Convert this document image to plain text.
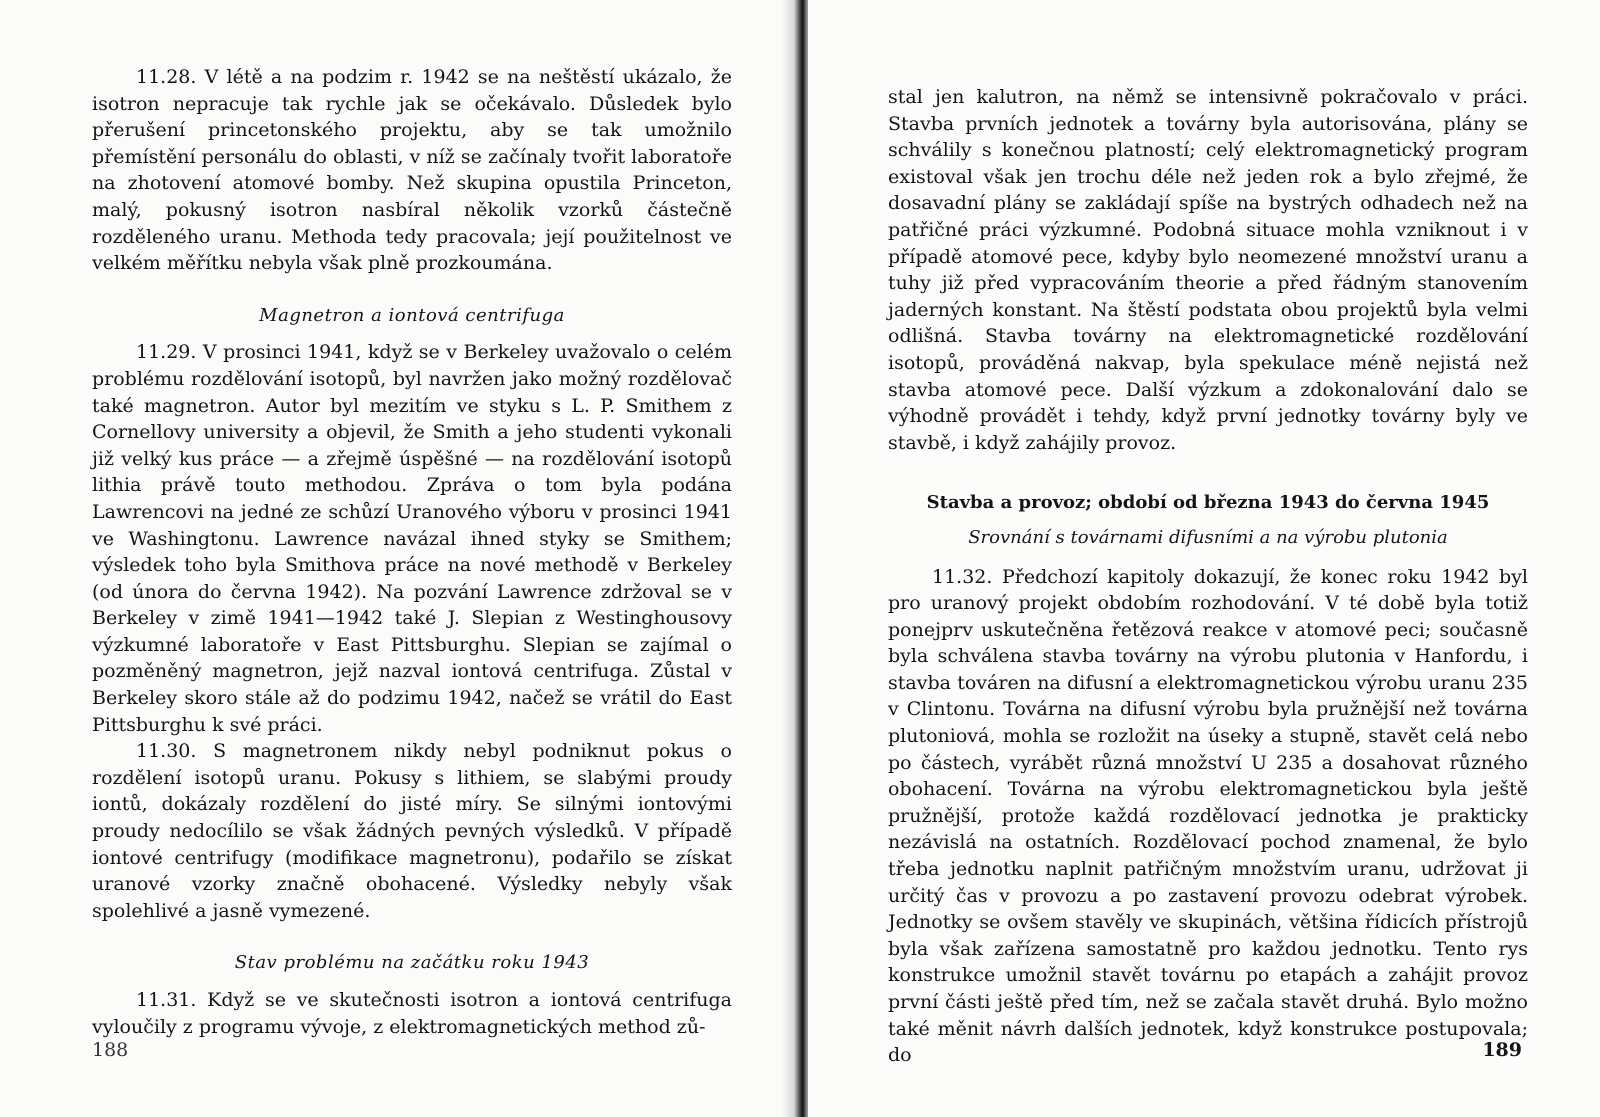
11.28. V létě a na podzim r. 1942 se na neštěstí ukázalo, že isotron nepracuje tak rychle jak se očekávalo. Důsledek bylo přerušení princetonského projektu, aby se tak umožnilo přemístění personálu do oblasti, v níž se začínaly tvořit laboratoře na zhotovení atomové bomby. Než skupina opustila Princeton, malý, pokusný isotron nasbíral několik vzorků částečně rozděleného uranu. Methoda tedy pracovala; její použitelnost ve velkém měřítku nebyla však plně prozkoumána.

Magnetron a iontová centrifuga

11.29. V prosinci 1941, když se v Berkeley uvažovalo o celém problému rozdělování isotopů, byl navržen jako možný rozdělovač také magnetron. Autor byl mezitím ve styku s L. P. Smithem z Cornellovy university a objevil, že Smith a jeho studenti vykonali již velký kus práce — a zřejmě úspěšné — na rozdělování isotopů lithia právě touto methodou. Zpráva o tom byla podána Lawrencovi na jedné ze schůzí Uranového výboru v prosinci 1941 ve Washingtonu. Lawrence navázal ihned styky se Smithem; výsledek toho byla Smithova práce na nové methodě v Berkeley (od února do června 1942). Na pozvání Lawrence zdržoval se v Berkeley v zimě 1941—1942 také J. Slepian z Westinghousovy výzkumné laboratoře v East Pittsburghu. Slepian se zajímal o pozměněný magnetron, jejž nazval iontová centrifuga. Zůstal v Berkeley skoro stále až do podzimu 1942, načež se vrátil do East Pittsburghu k své práci.

11.30. S magnetronem nikdy nebyl podniknut pokus o rozdělení isotopů uranu. Pokusy s lithiem, se slabými proudy iontů, dokázaly rozdělení do jisté míry. Se silnými iontovými proudy nedocílilo se však žádných pevných výsledků. V případě iontové centrifugy (modifikace magnetronu), podařilo se získat uranové vzorky značně obohacené. Výsledky nebyly však spolehlivé a jasně vymezené.

Stav problému na začátku roku 1943

11.31. Když se ve skutečnosti isotron a iontová centrifuga vyloučily z programu vývoje, z elektromagnetických method zů-

188

stal jen kalutron, na němž se intensivně pokračovalo v práci. Stavba prvních jednotek a továrny byla autorisována, plány se schválily s konečnou platností; celý elektromagnetický program existoval však jen trochu déle než jeden rok a bylo zřejmé, že dosavadní plány se zakládají spíše na bystrých odhadech než na patřičné práci výzkumné. Podobná situace mohla vzniknout i v případě atomové pece, kdyby bylo neomezené množství uranu a tuhy již před vypracováním theorie a před řádným stanovením jaderných konstant. Na štěstí podstata obou projektů byla velmi odlišná. Stavba továrny na elektromagnetické rozdělování isotopů, prováděná nakvap, byla spekulace méně nejistá než stavba atomové pece. Další výzkum a zdokonalování dalo se výhodně provádět i tehdy, když první jednotky továrny byly ve stavbě, i když zahájily provoz.

Stavba a provoz; období od března 1943 do června 1945
Srovnání s továrnami difusními a na výrobu plutonia

11.32. Předchozí kapitoly dokazují, že konec roku 1942 byl pro uranový projekt obdobím rozhodování. V té době byla totiž ponejprv uskutečněna řetězová reakce v atomové peci; současně byla schválena stavba továrny na výrobu plutonia v Hanfordu, i stavba továren na difusní a elektromagnetickou výrobu uranu 235 v Clintonu. Továrna na difusní výrobu byla pružnější než továrna plutoniová, mohla se rozložit na úseky a stupně, stavět celá nebo po částech, vyrábět různá množství U 235 a dosahovat různého obohacení. Továrna na výrobu elektromagnetickou byla ještě pružnější, protože každá rozdělovací jednotka je prakticky nezávislá na ostatních. Rozdělovací pochod znamenal, že bylo třeba jednotku naplnit patřičným množstvím uranu, udržovat ji určitý čas v provozu a po zastavení provozu odebrat výrobek. Jednotky se ovšem stavěly ve skupinách, většina řídicích přístrojů byla však zařízena samostatně pro každou jednotku. Tento rys konstrukce umožnil stavět továrnu po etapách a zahájit provoz první části ještě před tím, než se začala stavět druhá. Bylo možno také měnit návrh dalších jednotek, když konstrukce postupovala; do	189
